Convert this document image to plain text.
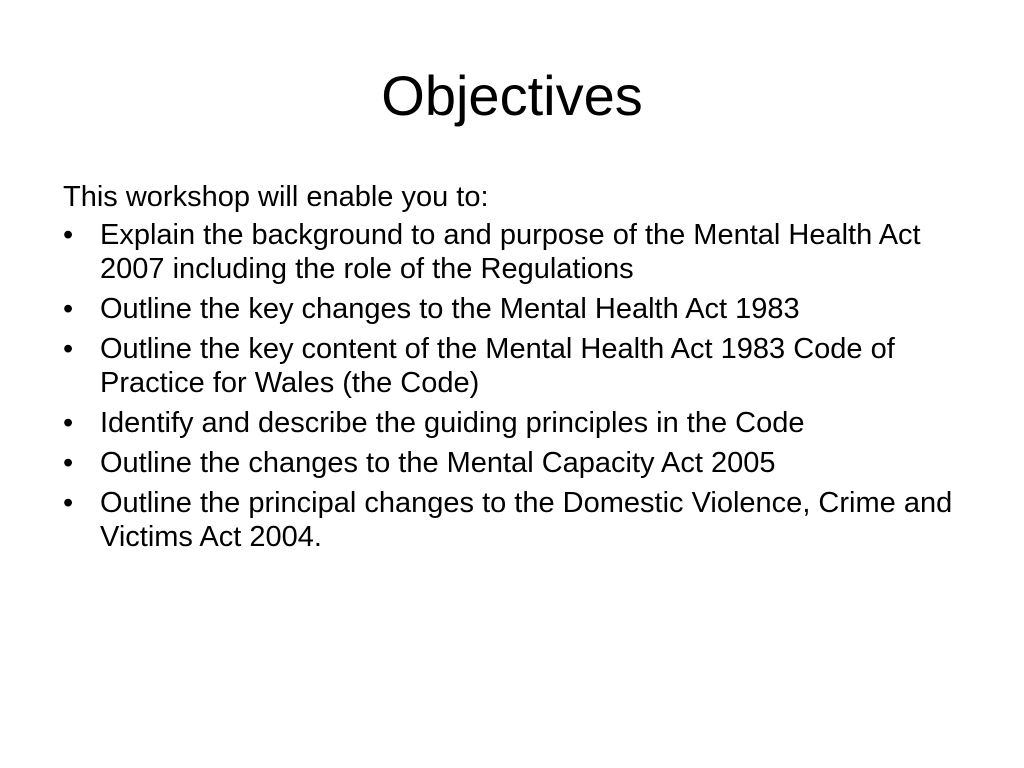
Objectives

This workshop will enable you to:

• Explain the background to and purpose of the Mental Health Act 2007 including the role of the Regulations
• Outline the key changes to the Mental Health Act 1983
• Outline the key content of the Mental Health Act 1983 Code of Practice for Wales (the Code)
• Identify and describe the guiding principles in the Code
• Outline the changes to the Mental Capacity Act 2005
• Outline the principal changes to the Domestic Violence, Crime and Victims Act 2004.
